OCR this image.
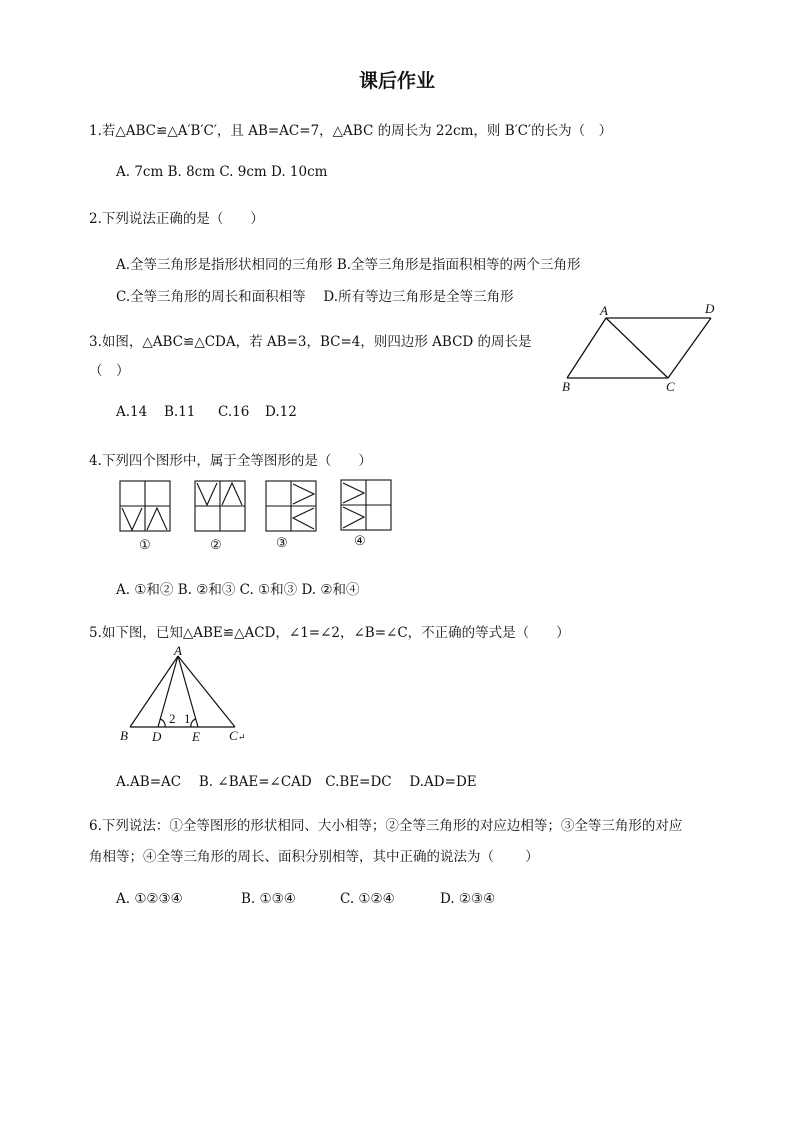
课后作业
1.若△ABC≌△A′B′C′，且 AB=AC=7，△ABC 的周长为 22cm，则 B′C′的长为（　）
A. 7cm B. 8cm C. 9cm D. 10cm
2.下列说法正确的是（　　）
A.全等三角形是指形状相同的三角形 B.全等三角形是指面积相等的两个三角形
C.全等三角形的周长和面积相等　 D.所有等边三角形是全等三角形
3.如图，△ABC≌△CDA，若 AB=3，BC=4，则四边形 ABCD 的周长是
（　）
A.14 B.11 C.16 D.12
A	D
B	C
4.下列四个图形中，属于全等图形的是（　　）
①	②	③	④
A. ①和② B. ②和③ C. ①和③ D. ②和④
5.如下图，已知△ABE≌△ACD，∠1=∠2，∠B=∠C，不正确的等式是（　　）
A
B D E C ↵
2 1
A.AB=AC　 B. ∠BAE=∠CAD　C.BE=DC　 D.AD=DE
6.下列说法：①全等图形的形状相同、大小相等；②全等三角形的对应边相等；③全等三角形的对应
角相等；④全等三角形的周长、面积分别相等，其中正确的说法为（　　 ）
A. ①②③④	B. ①③④	C. ①②④	D. ②③④
